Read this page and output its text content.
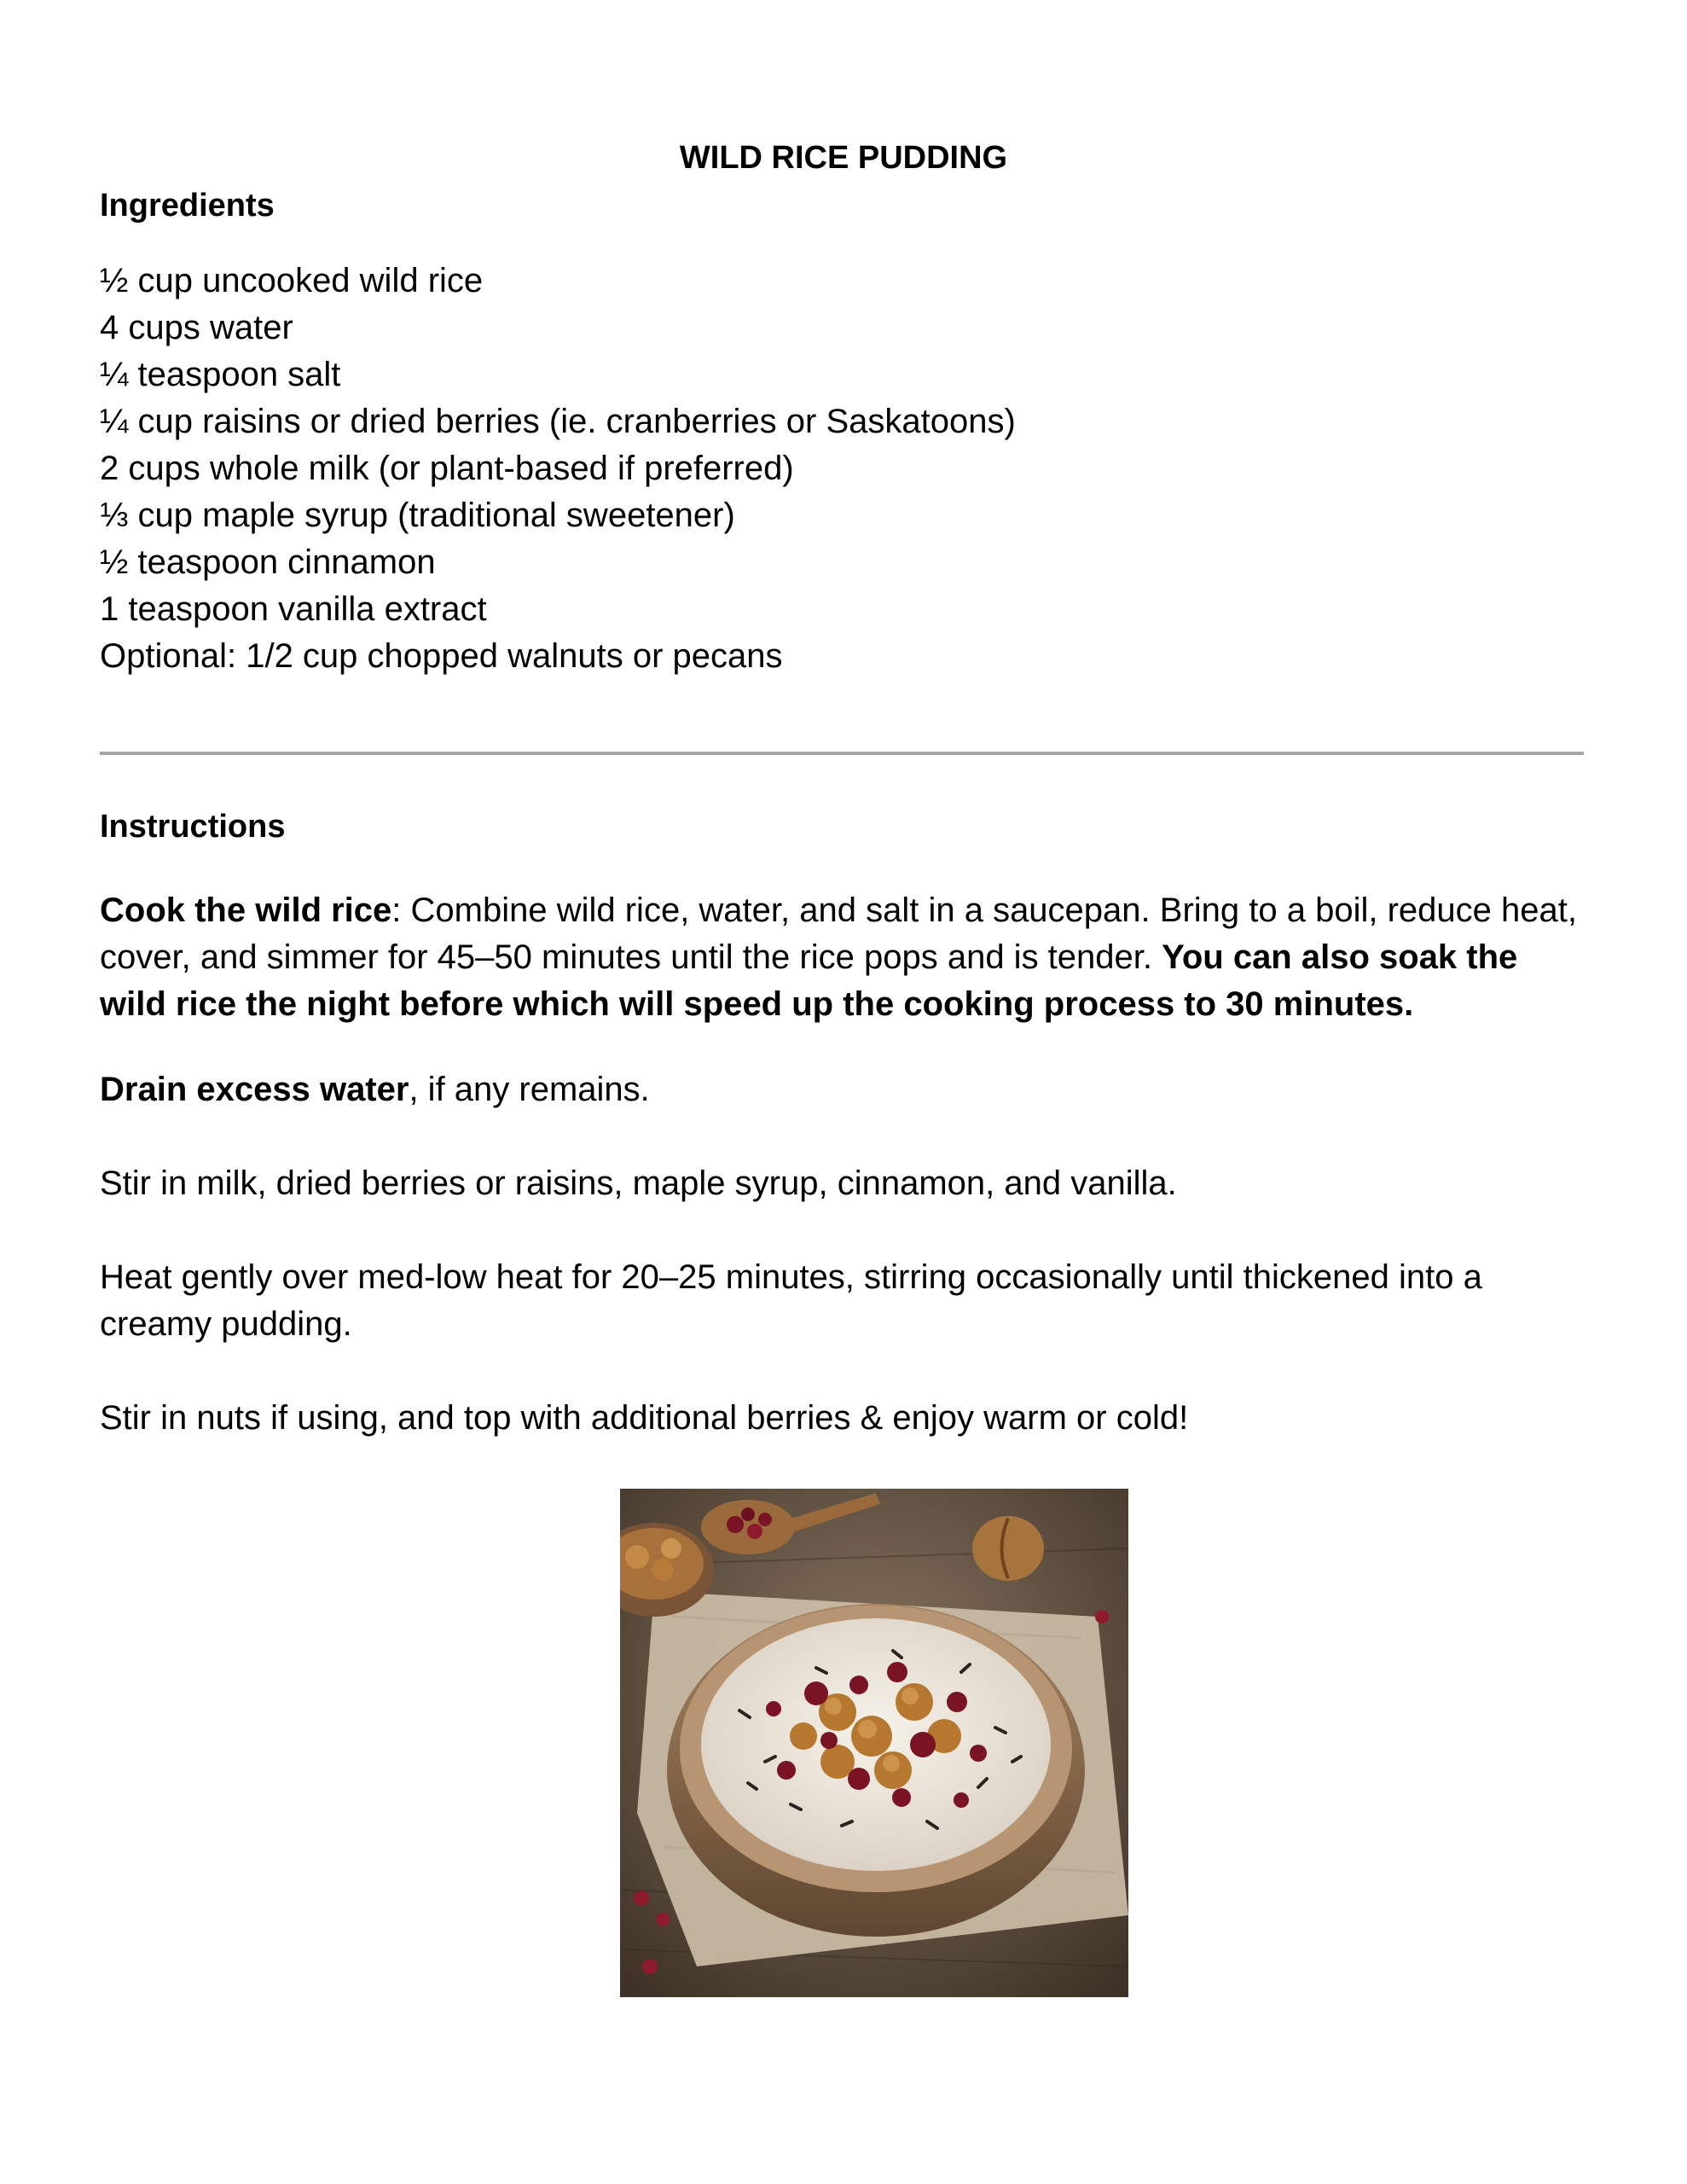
WILD RICE PUDDING
Ingredients
½ cup uncooked wild rice
4 cups water
¼ teaspoon salt
¼ cup raisins or dried berries (ie. cranberries or Saskatoons)
2 cups whole milk (or plant-based if preferred)
⅓ cup maple syrup (traditional sweetener)
½ teaspoon cinnamon
1 teaspoon vanilla extract
Optional: 1/2 cup chopped walnuts or pecans
Instructions

Cook the wild rice: Combine wild rice, water, and salt in a saucepan. Bring to a boil, reduce heat, cover, and simmer for 45–50 minutes until the rice pops and is tender. You can also soak the wild rice the night before which will speed up the cooking process to 30 minutes.

Drain excess water, if any remains.

Stir in milk, dried berries or raisins, maple syrup, cinnamon, and vanilla.

Heat gently over med-low heat for 20–25 minutes, stirring occasionally until thickened into a creamy pudding.

Stir in nuts if using, and top with additional berries & enjoy warm or cold!
